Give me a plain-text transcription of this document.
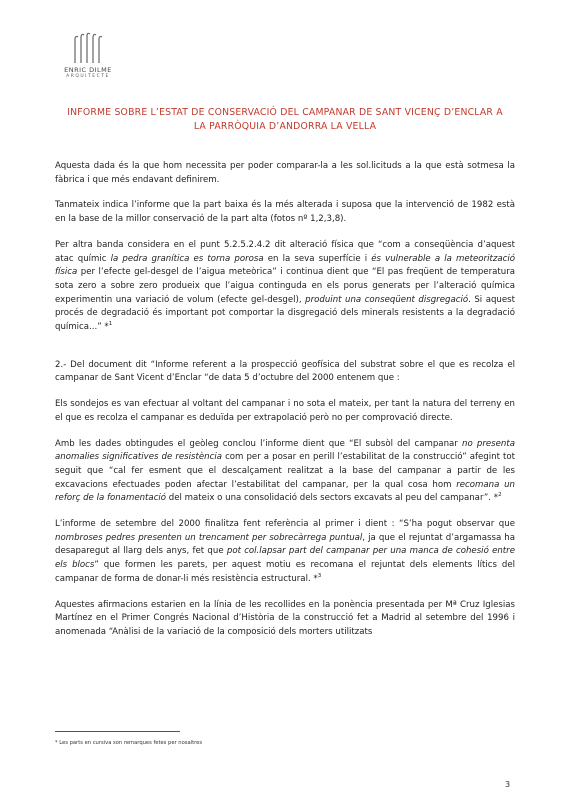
ENRIC DILME
ARQUITECTE
INFORME SOBRE L’ESTAT DE CONSERVACIÓ DEL CAMPANAR DE SANT VICENÇ D’ENCLAR A
LA PARRÒQUIA D’ANDORRA LA VELLA

Aquesta dada és la que hom necessita per poder comparar-la a les sol.licituds a la que està sotmesa la fàbrica i que més endavant definirem.

Tanmateix indica l’informe que la part baixa és la més alterada i suposa que la intervenció de 1982 està en la base de la millor conservació de la part alta (fotos nº 1,2,3,8).

Per altra banda considera en el punt 5.2.5.2.4.2 dit alteració física que “com a conseqüència d’aquest atac químic la pedra granítica es torna porosa en la seva superfície i és vulnerable a la meteorització física per l’efecte gel-desgel de l’aigua meteòrica” i continua dient que “El pas freqüent de temperatura sota zero a sobre zero produeix que l’aigua continguda en els porus generats per l’alteració química experimentin una variació de volum (efecte gel-desgel), produint una conseqüent disgregació. Si aquest procés de degradació és important pot comportar la disgregació dels minerals resistents a la degradació química...” *$^1$

2.- Del document dit “Informe referent a la prospecció geofísica del substrat sobre el que es recolza el campanar de Sant Vicent d’Enclar “de data 5 d’octubre del 2000 entenem que :

Els sondejos es van efectuar al voltant del campanar i no sota el mateix, per tant la natura del terreny en el que es recolza el campanar es deduïda per extrapolació però no per comprovació directe.

Amb les dades obtingudes el geòleg conclou l’informe dient que “El subsòl del campanar no presenta anomalies significatives de resistència com per a posar en perill l’estabilitat de la construcció” afegint tot seguit que “cal fer esment que el descalçament realitzat a la base del campanar a partir de les excavacions efectuades poden afectar l’estabilitat del campanar, per la qual cosa hom recomana un reforç de la fonamentació del mateix o una consolidació dels sectors excavats al peu del campanar”. *$^2$

L’informe de setembre del 2000 finalitza fent referència al primer i dient : “S’ha pogut observar que nombroses pedres presenten un trencament per sobrecàrrega puntual, ja que el rejuntat d’argamassa ha desaparegut al llarg dels anys, fet que pot col.lapsar part del campanar per una manca de cohesió entre els blocs” que formen les parets, per aquest motiu es recomana el rejuntat dels elements lítics del campanar de forma de donar-li més resistència estructural. *$^3$

Aquestes afirmacions estarien en la línia de les recollides en la ponència presentada per Mª Cruz Iglesias Martínez en el Primer Congrés Nacional d’Història de la construcció fet a Madrid al setembre del 1996 i anomenada “Anàlisi de la variació de la composició dels morters utilitzats

* Les parts en cursiva son remarques fetes per nosaltres
3
